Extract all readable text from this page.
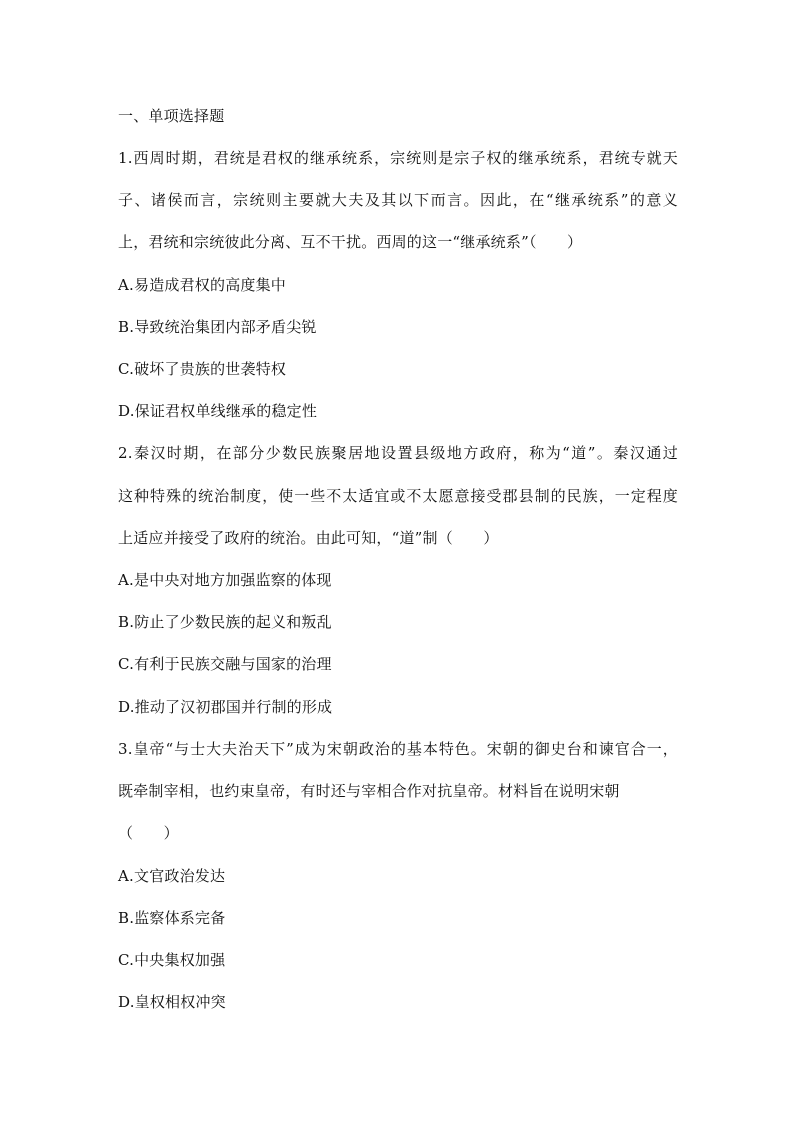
一、单项选择题
1.西周时期，君统是君权的继承统系，宗统则是宗子权的继承统系，君统专就天
子、诸侯而言，宗统则主要就大夫及其以下而言。因此，在“继承统系”的意义
上，君统和宗统彼此分离、互不干扰。西周的这一“继承统系”（　　）
A.易造成君权的高度集中
B.导致统治集团内部矛盾尖锐
C.破坏了贵族的世袭特权
D.保证君权单线继承的稳定性
2.秦汉时期，在部分少数民族聚居地设置县级地方政府，称为“道”。秦汉通过
这种特殊的统治制度，使一些不太适宜或不太愿意接受郡县制的民族，一定程度
上适应并接受了政府的统治。由此可知，“道”制（　　）
A.是中央对地方加强监察的体现
B.防止了少数民族的起义和叛乱
C.有利于民族交融与国家的治理
D.推动了汉初郡国并行制的形成
3.皇帝“与士大夫治天下”成为宋朝政治的基本特色。宋朝的御史台和谏官合一，
既牵制宰相，也约束皇帝，有时还与宰相合作对抗皇帝。材料旨在说明宋朝
（　　）
A.文官政治发达
B.监察体系完备
C.中央集权加强
D.皇权相权冲突
